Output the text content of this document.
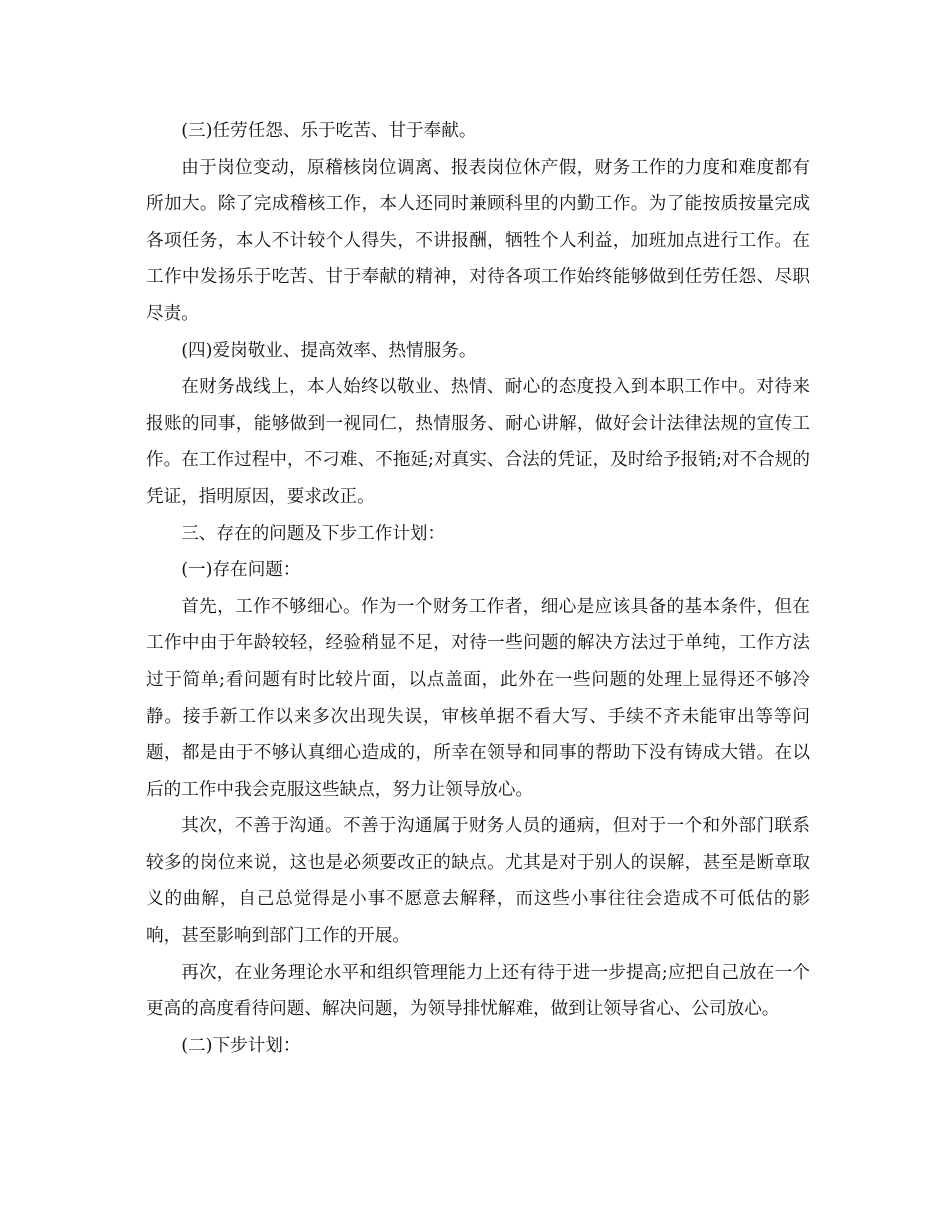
(三)任劳任怨、乐于吃苦、甘于奉献。

由于岗位变动，原稽核岗位调离、报表岗位休产假，财务工作的力度和难度都有所加大。除了完成稽核工作，本人还同时兼顾科里的内勤工作。为了能按质按量完成各项任务，本人不计较个人得失，不讲报酬，牺牲个人利益，加班加点进行工作。在工作中发扬乐于吃苦、甘于奉献的精神，对待各项工作始终能够做到任劳任怨、尽职尽责。

(四)爱岗敬业、提高效率、热情服务。

在财务战线上，本人始终以敬业、热情、耐心的态度投入到本职工作中。对待来报账的同事，能够做到一视同仁，热情服务、耐心讲解，做好会计法律法规的宣传工作。在工作过程中，不刁难、不拖延;对真实、合法的凭证，及时给予报销;对不合规的凭证，指明原因，要求改正。

三、存在的问题及下步工作计划：

(一)存在问题：

首先，工作不够细心。作为一个财务工作者，细心是应该具备的基本条件，但在工作中由于年龄较轻，经验稍显不足，对待一些问题的解决方法过于单纯，工作方法过于简单;看问题有时比较片面，以点盖面，此外在一些问题的处理上显得还不够冷静。接手新工作以来多次出现失误，审核单据不看大写、手续不齐未能审出等等问题，都是由于不够认真细心造成的，所幸在领导和同事的帮助下没有铸成大错。在以后的工作中我会克服这些缺点，努力让领导放心。

其次，不善于沟通。不善于沟通属于财务人员的通病，但对于一个和外部门联系较多的岗位来说，这也是必须要改正的缺点。尤其是对于别人的误解，甚至是断章取义的曲解，自己总觉得是小事不愿意去解释，而这些小事往往会造成不可低估的影响，甚至影响到部门工作的开展。

再次，在业务理论水平和组织管理能力上还有待于进一步提高;应把自己放在一个更高的高度看待问题、解决问题，为领导排忧解难，做到让领导省心、公司放心。

(二)下步计划：
